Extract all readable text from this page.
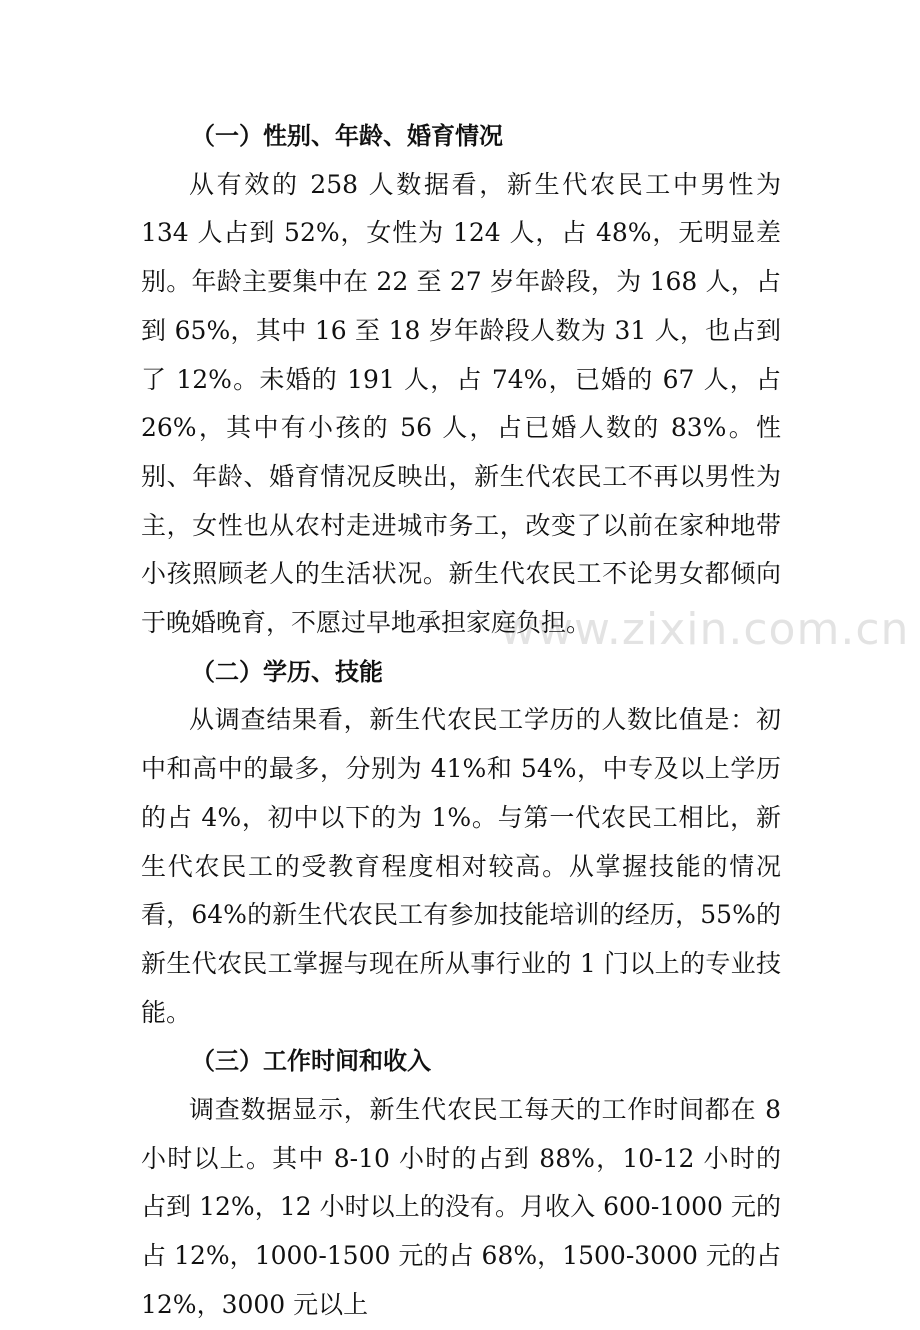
www.zixin.com.cn

（一）性别、年龄、婚育情况

从有效的 258 人数据看，新生代农民工中男性为 134 人占到 52%，女性为 124 人，占 48%，无明显差别。年龄主要集中在 22 至 27 岁年龄段，为 168 人，占到 65%，其中 16 至 18 岁年龄段人数为 31 人，也占到了 12%。未婚的 191 人，占 74%，已婚的 67 人，占 26%，其中有小孩的 56 人，占已婚人数的 83%。性别、年龄、婚育情况反映出，新生代农民工不再以男性为主，女性也从农村走进城市务工，改变了以前在家种地带小孩照顾老人的生活状况。新生代农民工不论男女都倾向于晚婚晚育，不愿过早地承担家庭负担。

（二）学历、技能

从调查结果看，新生代农民工学历的人数比值是：初中和高中的最多，分别为 41%和 54%，中专及以上学历的占 4%，初中以下的为 1%。与第一代农民工相比，新生代农民工的受教育程度相对较高。从掌握技能的情况看，64%的新生代农民工有参加技能培训的经历，55%的新生代农民工掌握与现在所从事行业的 1 门以上的专业技能。

（三）工作时间和收入

调查数据显示，新生代农民工每天的工作时间都在 8 小时以上。其中 8-10 小时的占到 88%，10-12 小时的占到 12%，12 小时以上的没有。月收入 600-1000 元的占 12%，1000-1500 元的占 68%，1500-3000 元的占 12%，3000 元以上
